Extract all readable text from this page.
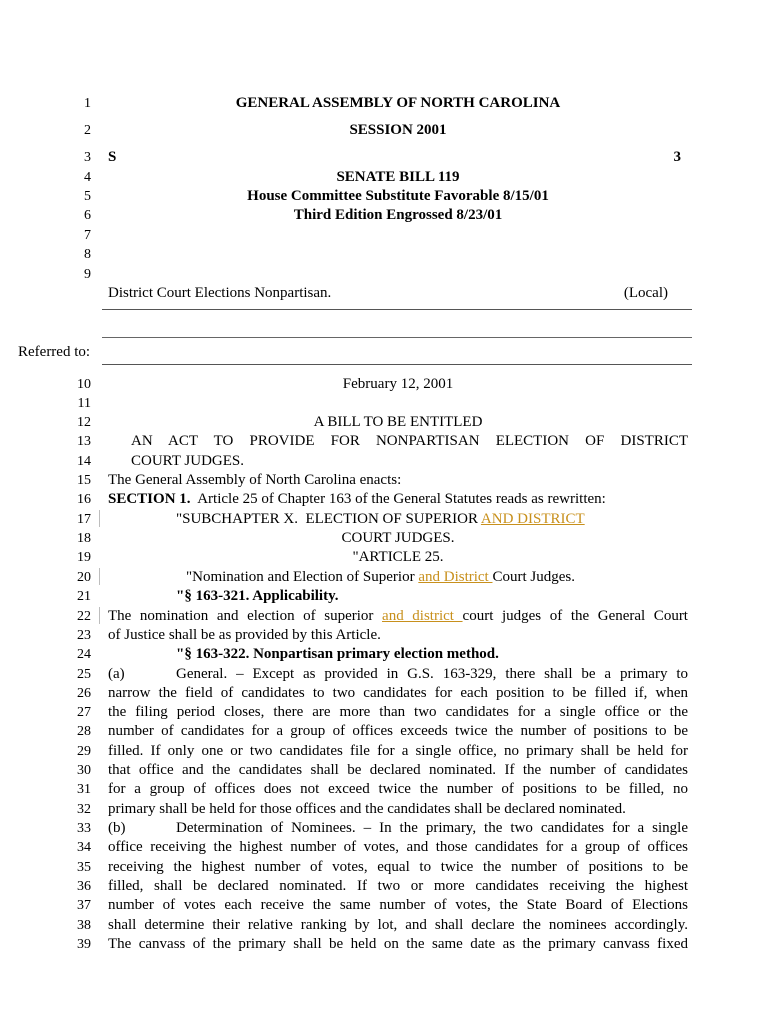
1
2
3
4
5
6
7
8
9
10
11
12
13
14
15
16
17
18
19
20
21
22
23
24
25
26
27
28
29
30
31
32
33
34
35
36
37
38
39
GENERAL ASSEMBLY OF NORTH CAROLINA
SESSION 2001
S	3
SENATE BILL 119
House Committee Substitute Favorable 8/15/01
Third Edition Engrossed 8/23/01
District Court Elections Nonpartisan.	(Local)
Referred to:
February 12, 2001
A BILL TO BE ENTITLED
AN ACT TO PROVIDE FOR NONPARTISAN ELECTION OF DISTRICT
COURT JUDGES.
The General Assembly of North Carolina enacts:
SECTION 1.  Article 25 of Chapter 163 of the General Statutes reads as rewritten:
"SUBCHAPTER X.  ELECTION OF SUPERIOR AND DISTRICT
COURT JUDGES.
"ARTICLE 25.
"Nomination and Election of Superior and District Court Judges.
"§ 163-321. Applicability.
The nomination and election of superior and district court judges of the General Court
of Justice shall be as provided by this Article.
"§ 163-322. Nonpartisan primary election method.
(a)	General. – Except as provided in G.S. 163-329, there shall be a primary to
narrow the field of candidates to two candidates for each position to be filled if, when
the filing period closes, there are more than two candidates for a single office or the
number of candidates for a group of offices exceeds twice the number of positions to be
filled. If only one or two candidates file for a single office, no primary shall be held for
that office and the candidates shall be declared nominated. If the number of candidates
for a group of offices does not exceed twice the number of positions to be filled, no
primary shall be held for those offices and the candidates shall be declared nominated.
(b)	Determination of Nominees. – In the primary, the two candidates for a single
office receiving the highest number of votes, and those candidates for a group of offices
receiving the highest number of votes, equal to twice the number of positions to be
filled, shall be declared nominated. If two or more candidates receiving the highest
number of votes each receive the same number of votes, the State Board of Elections
shall determine their relative ranking by lot, and shall declare the nominees accordingly.
The canvass of the primary shall be held on the same date as the primary canvass fixed
